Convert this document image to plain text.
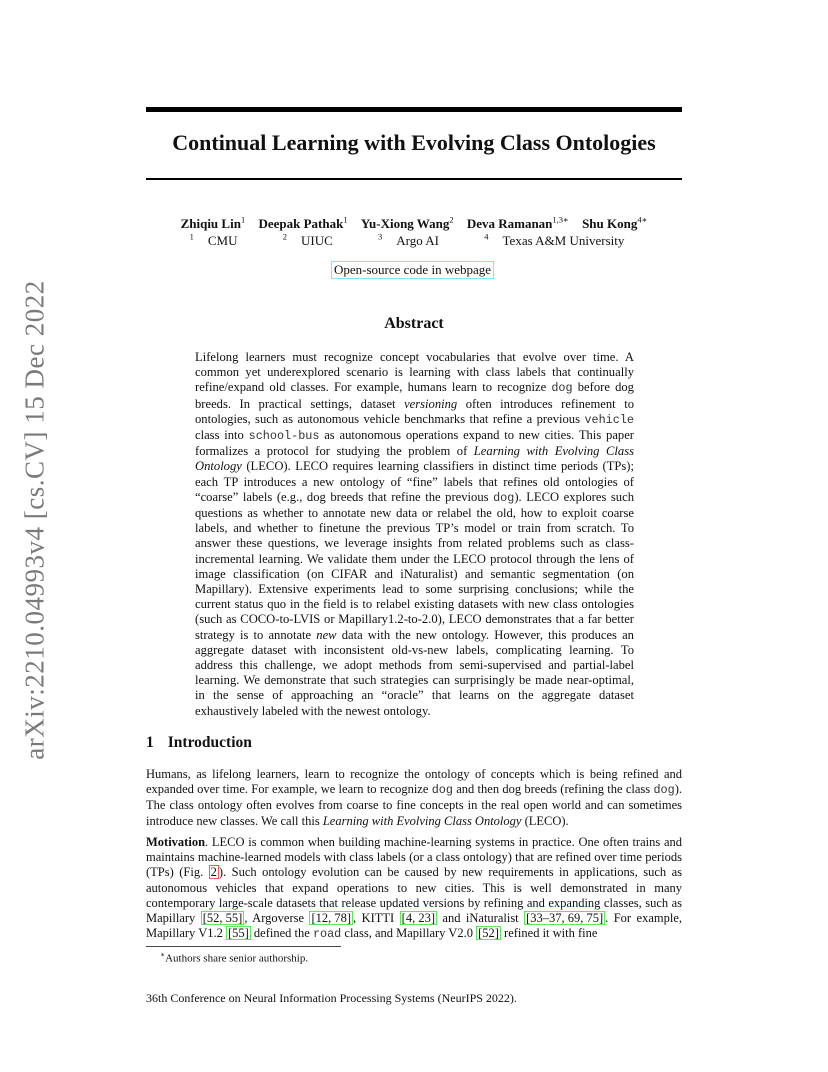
arXiv:2210.04993v4 [cs.CV] 15 Dec 2022
Continual Learning with Evolving Class Ontologies
Zhiqiu Lin$^1$ Deepak Pathak$^1$ Yu-Xiong Wang$^2$ Deva Ramanan$^{1,3∗}$ Shu Kong$^{4∗}$
$^1$ CMU	$^2$ UIUC	$^3$ Argo AI	$^4$ Texas A&M University
Open-source code in webpage
Abstract

Lifelong learners must recognize concept vocabularies that evolve over time. A common yet underexplored scenario is learning with class labels that continually refine/expand old classes. For example, humans learn to recognize dog before dog breeds. In practical settings, dataset versioning often introduces refinement to ontologies, such as autonomous vehicle benchmarks that refine a previous vehicle class into school-bus as autonomous operations expand to new cities. This paper formalizes a protocol for studying the problem of Learning with Evolving Class Ontology (LECO). LECO requires learning classifiers in distinct time periods (TPs); each TP introduces a new ontology of “fine” labels that refines old ontologies of “coarse” labels (e.g., dog breeds that refine the previous dog). LECO explores such questions as whether to annotate new data or relabel the old, how to exploit coarse labels, and whether to finetune the previous TP’s model or train from scratch. To answer these questions, we leverage insights from related problems such as class-incremental learning. We validate them under the LECO protocol through the lens of image classification (on CIFAR and iNaturalist) and semantic segmentation (on Mapillary). Extensive experiments lead to some surprising conclusions; while the current status quo in the field is to relabel existing datasets with new class ontologies (such as COCO-to-LVIS or Mapillary1.2-to-2.0), LECO demonstrates that a far better strategy is to annotate new data with the new ontology. However, this produces an aggregate dataset with inconsistent old-vs-new labels, complicating learning. To address this challenge, we adopt methods from semi-supervised and partial-label learning. We demonstrate that such strategies can surprisingly be made near-optimal, in the sense of approaching an “oracle” that learns on the aggregate dataset exhaustively labeled with the newest ontology.

1 Introduction

Humans, as lifelong learners, learn to recognize the ontology of concepts which is being refined and expanded over time. For example, we learn to recognize dog and then dog breeds (refining the class dog). The class ontology often evolves from coarse to fine concepts in the real open world and can sometimes introduce new classes. We call this Learning with Evolving Class Ontology (LECO).

Motivation. LECO is common when building machine-learning systems in practice. One often trains and maintains machine-learned models with class labels (or a class ontology) that are refined over time periods (TPs) (Fig. 2 ). Such ontology evolution can be caused by new requirements in applications, such as autonomous vehicles that expand operations to new cities. This is well demonstrated in many contemporary large-scale datasets that release updated versions by refining and expanding classes, such as Mapillary [52, 55] , Argoverse [12, 78] , KITTI [4, 23] and iNaturalist [33–37, 69, 75] . For example, Mapillary V1.2 [55] defined the road class, and Mapillary V2.0 [52] refined it with fine

∗Authors share senior authorship.
36th Conference on Neural Information Processing Systems (NeurIPS 2022).
